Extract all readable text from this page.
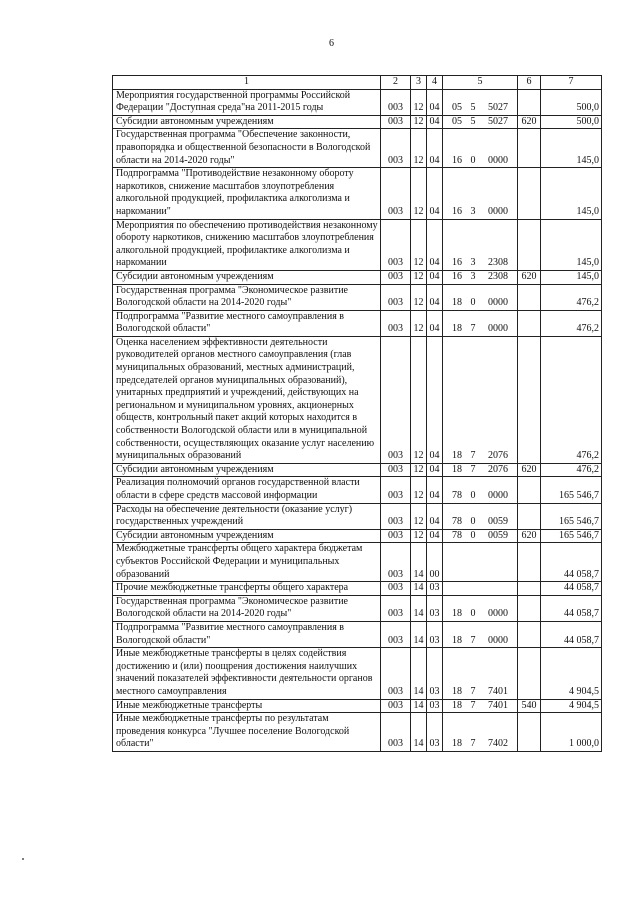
6
1	2	3	4	5	6	7
Мероприятия государственной программы Российской Федерации "Доступная среда"на 2011-2015 годы	003	12	04	05 5 5027		500,0
Субсидии автономным учреждениям	003	12	04	05 5 5027	620	500,0
Государственная программа "Обеспечение законности, правопорядка и общественной безопасности в Вологодской области на 2014-2020 годы"	003	12	04	16 0 0000		145,0
Подпрограмма "Противодействие незаконному обороту наркотиков, снижение масштабов злоупотребления алкогольной продукцией, профилактика алкоголизма и наркомании"	003	12	04	16 3 0000		145,0
Мероприятия по обеспечению противодействия незаконному обороту наркотиков, снижению масштабов злоупотребления алкогольной продукцией, профилактике алкоголизма и наркомании	003	12	04	16 3 2308		145,0
Субсидии автономным учреждениям	003	12	04	16 3 2308	620	145,0
Государственная программа "Экономическое развитие Вологодской области на 2014-2020 годы"	003	12	04	18 0 0000		476,2
Подпрограмма "Развитие местного самоуправления в Вологодской области"	003	12	04	18 7 0000		476,2
Оценка населением эффективности деятельности руководителей органов местного самоуправления (глав муниципальных образований, местных администраций, председателей органов муниципальных образований), унитарных предприятий и учреждений, действующих на региональном и муниципальном уровнях, акционерных обществ, контрольный пакет акций которых находится в собственности Вологодской области или в муниципальной собственности, осуществляющих оказание услуг населению муниципальных образований	003	12	04	18 7 2076		476,2
Субсидии автономным учреждениям	003	12	04	18 7 2076	620	476,2
Реализация полномочий органов государственной власти области в сфере средств массовой информации	003	12	04	78 0 0000		165 546,7
Расходы на обеспечение деятельности (оказание услуг) государственных учреждений	003	12	04	78 0 0059		165 546,7
Субсидии автономным учреждениям	003	12	04	78 0 0059	620	165 546,7
Межбюджетные трансферты общего характера бюджетам субъектов Российской Федерации и муниципальных образований	003	14	00			44 058,7
Прочие межбюджетные трансферты общего характера	003	14	03			44 058,7
Государственная программа "Экономическое развитие Вологодской области на 2014-2020 годы"	003	14	03	18 0 0000		44 058,7
Подпрограмма "Развитие местного самоуправления в Вологодской области"	003	14	03	18 7 0000		44 058,7
Иные межбюджетные трансферты в целях содействия достижению и (или) поощрения достижения наилучших значений показателей эффективности деятельности органов местного самоуправления	003	14	03	18 7 7401		4 904,5
Иные межбюджетные трансферты	003	14	03	18 7 7401	540	4 904,5
Иные межбюджетные трансферты по результатам проведения конкурса "Лучшее поселение Вологодской области"	003	14	03	18 7 7402		1 000,0
